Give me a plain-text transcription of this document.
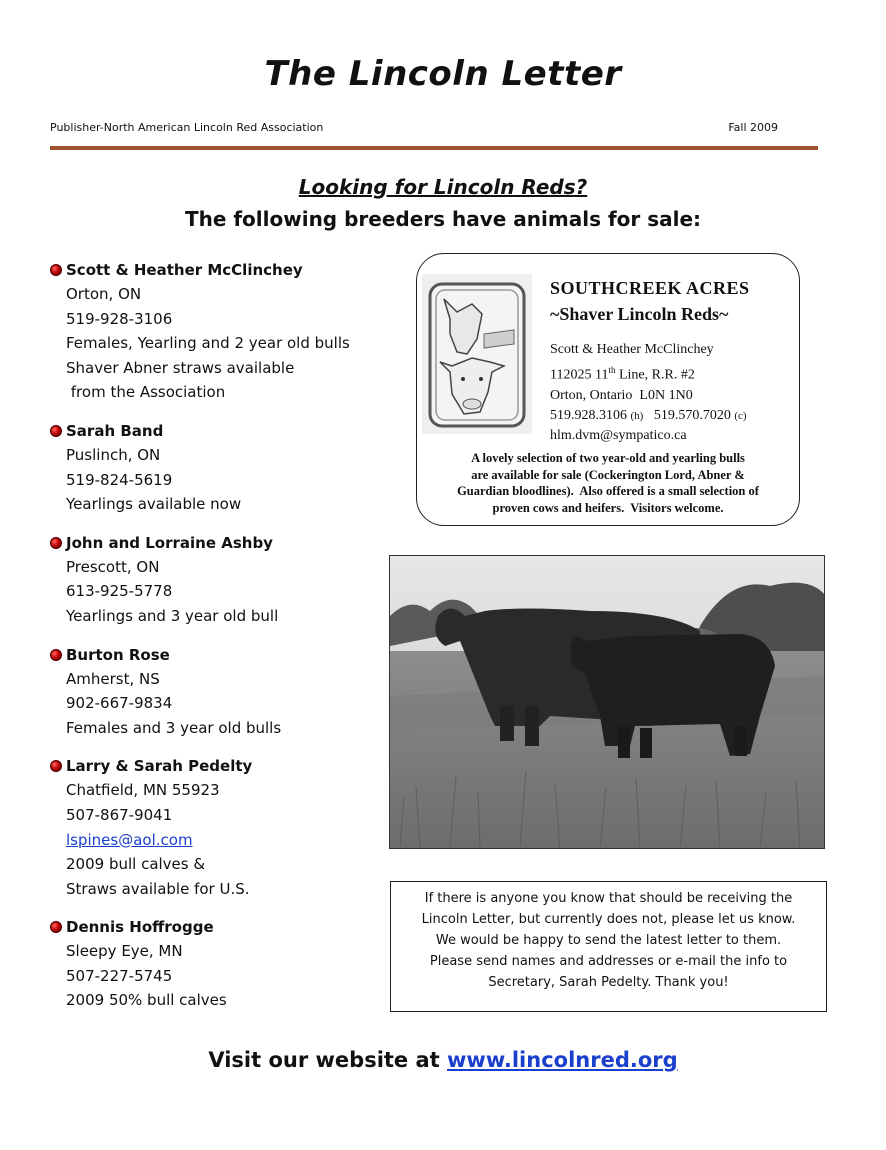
The Lincoln Letter
Publisher-North American Lincoln Red Association	Fall 2009
Looking for Lincoln Reds?
The following breeders have animals for sale:
Scott & Heather McClinchey
Orton, ON
519-928-3106
Females, Yearling and 2 year old bulls
Shaver Abner straws available
from the Association
Sarah Band
Puslinch, ON
519-824-5619
Yearlings available now
John and Lorraine Ashby
Prescott, ON
613-925-5778
Yearlings and 3 year old bull
Burton Rose
Amherst, NS
902-667-9834
Females and 3 year old bulls
Larry & Sarah Pedelty
Chatfield, MN 55923
507-867-9041
lspines@aol.com
2009 bull calves &
Straws available for U.S.
Dennis Hoffrogge
Sleepy Eye, MN
507-227-5745
2009 50% bull calves
SOUTHCREEK ACRES
~Shaver Lincoln Reds~
Scott & Heather McClinchey
112025 11th Line, R.R. #2
Orton, Ontario  L0N 1N0
519.928.3106 (h) 519.570.7020 (c)
hlm.dvm@sympatico.ca
A lovely selection of two year-old and yearling bulls
are available for sale (Cockerington Lord, Abner &
Guardian bloodlines).  Also offered is a small selection of
proven cows and heifers.  Visitors welcome.
If there is anyone you know that should be receiving the
Lincoln Letter, but currently does not, please let us know.
We would be happy to send the latest letter to them.
Please send names and addresses or e-mail the info to
Secretary, Sarah Pedelty. Thank you!
Visit our website at www.lincolnred.org
